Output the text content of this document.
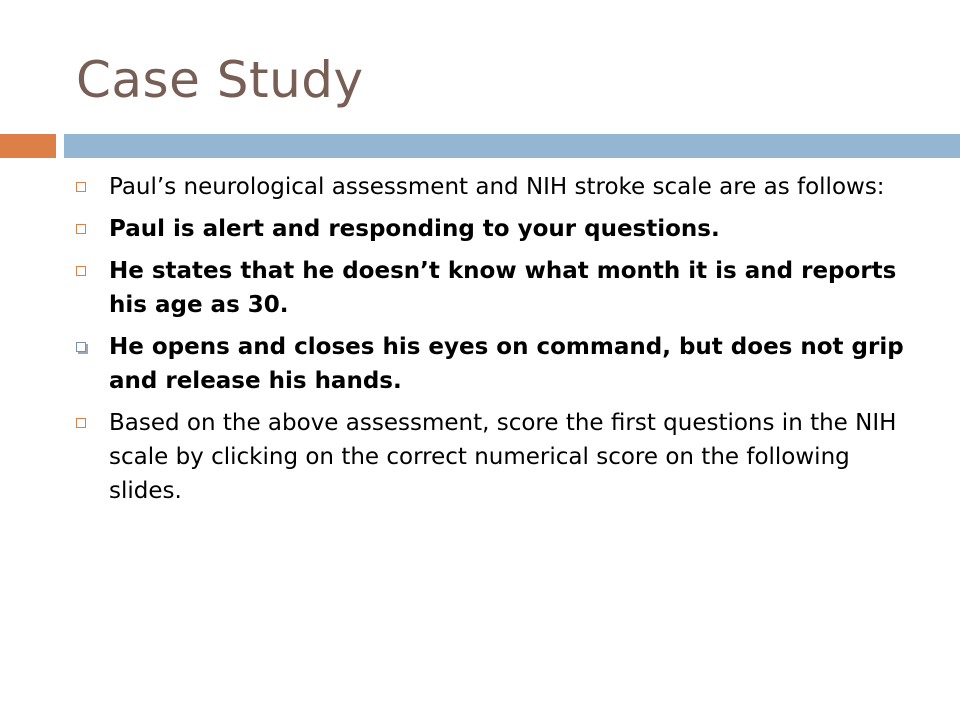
Case Study
Paul’s neurological assessment and NIH stroke scale are as follows:
Paul is alert and responding to your questions.
He states that he doesn’t know what month it is and reports his age as 30.
He opens and closes his eyes on command, but does not grip and release his hands.
Based on the above assessment, score the first questions in the NIH scale by clicking on the correct numerical score on the following slides.
